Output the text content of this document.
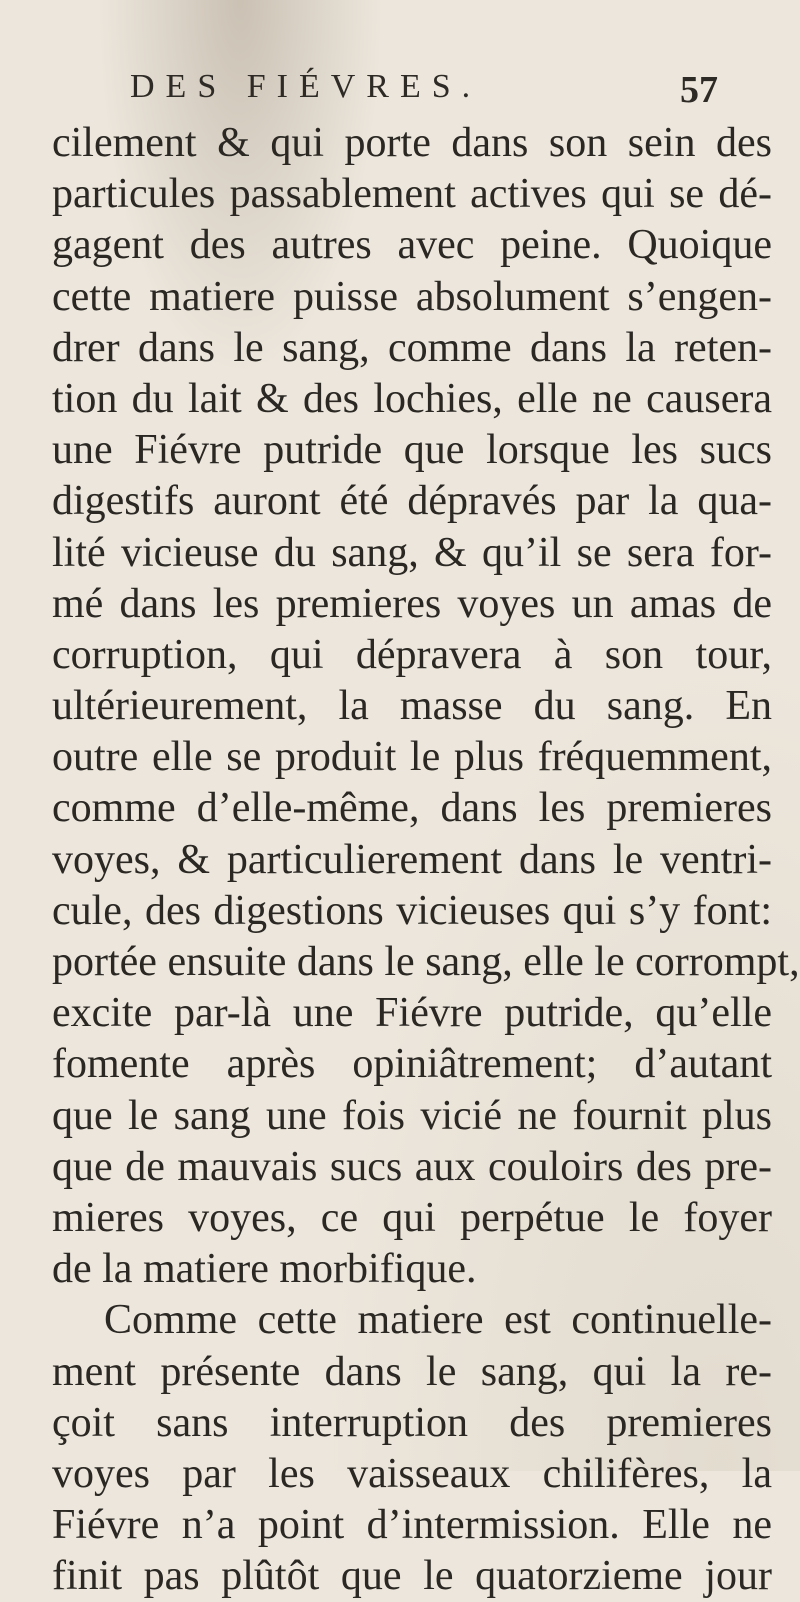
DES FIÉVRES.	57
cilement & qui porte dans son sein des
particules passablement actives qui se dé-
gagent des autres avec peine. Quoique
cette matiere puisse absolument s’engen-
drer dans le sang, comme dans la reten-
tion du lait & des lochies, elle ne causera
une Fiévre putride que lorsque les sucs
digestifs auront été dépravés par la qua-
lité vicieuse du sang, & qu’il se sera for-
mé dans les premieres voyes un amas de
corruption, qui dépravera à son tour,
ultérieurement, la masse du sang. En
outre elle se produit le plus fréquemment,
comme d’elle-même, dans les premieres
voyes, & particulierement dans le ventri-
cule, des digestions vicieuses qui s’y font:
portée ensuite dans le sang, elle le corrompt,
excite par-là une Fiévre putride, qu’elle
fomente après opiniâtrement; d’autant
que le sang une fois vicié ne fournit plus
que de mauvais sucs aux couloirs des pre-
mieres voyes, ce qui perpétue le foyer
de la matiere morbifique.
Comme cette matiere est continuelle-
ment présente dans le sang, qui la re-
çoit sans interruption des premieres
voyes par les vaisseaux chilifères, la
Fiévre n’a point d’intermission. Elle ne
finit pas plûtôt que le quatorzieme jour
